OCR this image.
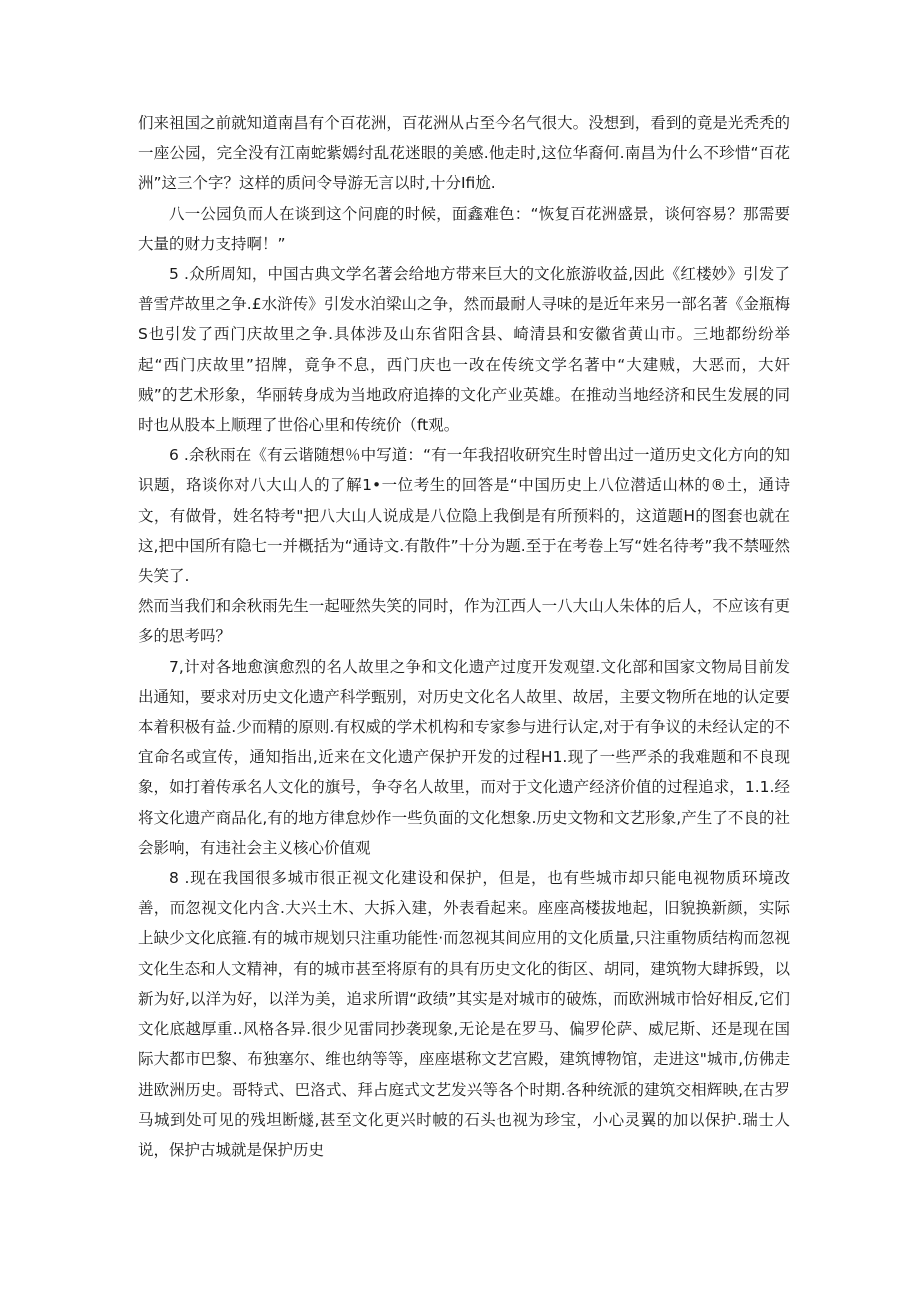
们来祖国之前就知道南昌有个百花洲，百花洲从占至今名气很大。没想到，看到的竟是光秃秃的一座公园，完全没有江南蛇紫嫣纣乱花迷眼的美感.他走时,这位华裔何.南昌为什么不珍惜“百花洲”这三个字？这样的质问令导游无言以时,十分Ifi尬.

八一公园负而人在谈到这个问鹿的时候，面鑫难色：“恢复百花洲盛景，谈何容易？那需要大量的财力支持啊！”

5 .众所周知，中国古典文学名著会给地方带来巨大的文化旅游收益,因此《红楼妙》引发了普雪芹故里之争.£水浒传》引发水泊梁山之争，然而最耐人寻味的是近年来另一部名著《金瓶梅S也引发了西门庆故里之争.具体涉及山东省阳含县、崎清县和安徽省黄山市。三地都纷纷举起“西门庆故里”招牌，竟争不息，西门庆也一改在传统文学名著中“大建贼，大恶而，大奸贼”的艺术形象，华丽转身成为当地政府追捧的文化产业英雄。在推动当地经济和民生发展的同时也从股本上顺理了世俗心里和传统价（ft观。

6 .余秋雨在《有云谐随想％中写道：“有一年我招收研究生时曾出过一道历史文化方向的知识题，珞谈你对八大山人的了解1•一位考生的回答是“中国历史上八位潜适山林的®土，通诗文，有做骨，姓名特考"把八大山人说成是八位隐上我倒是有所预料的，这道题H的图套也就在这,把中国所有隐七一并概括为“通诗文.有散件”十分为题.至于在考卷上写“姓名待考”我不禁哑然失笑了.

然而当我们和余秋雨先生一起哑然失笑的同时，作为江西人一八大山人朱体的后人，不应该有更多的思考吗？

7,计对各地愈演愈烈的名人故里之争和文化遗产过度开发观望.文化部和国家文物局目前发出通知，要求对历史文化遗产科学甄别，对历史文化名人故里、故居，主要文物所在地的认定要本着积极有益.少而精的原则.有权威的学术机构和专家参与进行认定,对于有争议的未经认定的不宜命名或宣传，通知指出,近来在文化遗产保护开发的过程H1.现了一些严杀的我难题和不良现象，如打着传承名人文化的旗号，争夺名人故里，而对于文化遗产经济价值的过程追求，1.1.经将文化遗产商品化,有的地方律怠炒作一些负面的文化想象.历史文物和文艺形象,产生了不良的社会影响，有违社会主义核心价值观

8 .现在我国很多城市很正视文化建设和保护，但是，也有些城市却只能电视物质环境改善，而忽视文化内含.大兴土木、大拆入建，外表看起来。座座高楼拔地起，旧貌换新颜，实际上缺少文化底箍.有的城市规划只注重功能性·而忽视其间应用的文化质量,只注重物质结构而忽视文化生态和人文精神，有的城市甚至将原有的具有历史文化的街区、胡同，建筑物大肆拆毁，以新为好,以洋为好，以洋为美，追求所谓“政绩”其实是对城市的破炼，而欧洲城市恰好相反,它们文化底越厚重..风格各异.很少见雷同抄袭现象,无论是在罗马、偏罗伦萨、威尼斯、还是现在国际大都市巴黎、布独塞尔、维也纳等等，座座堪称文艺宫殿，建筑博物馆，走进这"城市,仿佛走进欧洲历史。哥特式、巴洛式、拜占庭式文艺发兴等各个时期.各种统派的建筑交相辉映,在古罗马城到处可见的残坦断燧,甚至文化更兴时帔的石头也视为珍宝，小心灵翼的加以保护.瑞士人说，保护古城就是保护历史
